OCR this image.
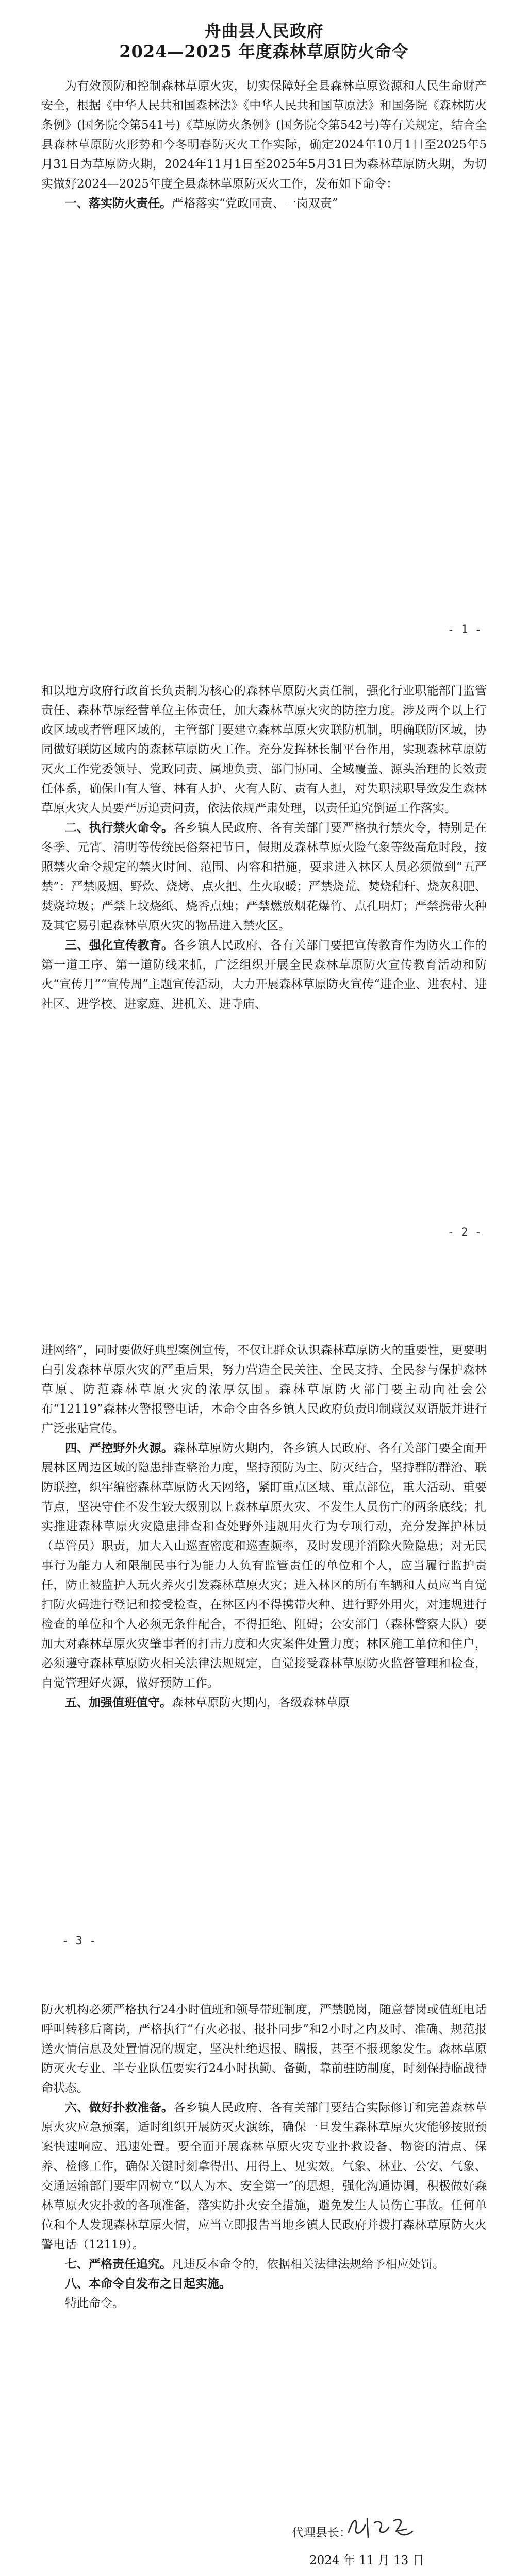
舟曲县人民政府
2024—2025 年度森林草原防火命令

为有效预防和控制森林草原火灾，切实保障好全县森林草原资源和人民生命财产安全，根据《中华人民共和国森林法》《中华人民共和国草原法》和国务院《森林防火条例》(国务院令第541号)《草原防火条例》(国务院令第542号)等有关规定，结合全县森林草原防火形势和今冬明春防灭火工作实际，确定2024年10月1日至2025年5月31日为草原防火期，2024年11月1日至2025年5月31日为森林草原防火期，为切实做好2024—2025年度全县森林草原防灭火工作，发布如下命令：

一、落实防火责任。严格落实“党政同责、一岗双责”

- 1 -

和以地方政府行政首长负责制为核心的森林草原防火责任制，强化行业职能部门监管责任、森林草原经营单位主体责任，加大森林草原火灾的防控力度。涉及两个以上行政区域或者管理区域的，主管部门要建立森林草原火灾联防机制，明确联防区域，协同做好联防区域内的森林草原防火工作。充分发挥林长制平台作用，实现森林草原防灭火工作党委领导、党政同责、属地负责、部门协同、全域覆盖、源头治理的长效责任体系，确保山有人管、林有人护、火有人防、责有人担，对失职渎职导致发生森林草原火灾人员要严厉追责问责，依法依规严肃处理，以责任追究倒逼工作落实。

二、执行禁火命令。各乡镇人民政府、各有关部门要严格执行禁火令，特别是在冬季、元宵、清明等传统民俗祭祀节日，假期及森林草原火险气象等级高危时段，按照禁火命令规定的禁火时间、范围、内容和措施，要求进入林区人员必须做到“五严禁”：严禁吸烟、野炊、烧烤、点火把、生火取暖；严禁烧荒、焚烧秸秆、烧灰积肥、焚烧垃圾；严禁上坟烧纸、烧香点烛；严禁燃放烟花爆竹、点孔明灯；严禁携带火种及其它易引起森林草原火灾的物品进入禁火区。

三、强化宣传教育。各乡镇人民政府、各有关部门要把宣传教育作为防火工作的第一道工序、第一道防线来抓，广泛组织开展全民森林草原防火宣传教育活动和防火“宣传月”“宣传周”主题宣传活动，大力开展森林草原防火宣传“进企业、进农村、进社区、进学校、进家庭、进机关、进寺庙、

- 2 -

进网络”，同时要做好典型案例宣传，不仅让群众认识森林草原防火的重要性，更要明白引发森林草原火灾的严重后果，努力营造全民关注、全民支持、全民参与保护森林草原、防范森林草原火灾的浓厚氛围。森林草原防火部门要主动向社会公布“12119”森林火警报警电话，本命令由各乡镇人民政府负责印制藏汉双语版并进行广泛张贴宣传。

四、严控野外火源。森林草原防火期内，各乡镇人民政府、各有关部门要全面开展林区周边区域的隐患排查整治力度，坚持预防为主、防灭结合，坚持群防群治、联防联控，织牢编密森林草原防火天网络，紧盯重点区域、重点部位，重大活动、重要节点，坚决守住不发生较大级别以上森林草原火灾、不发生人员伤亡的两条底线；扎实推进森林草原火灾隐患排查和查处野外违规用火行为专项行动，充分发挥护林员（草管员）职责，加大入山巡查密度和巡查频率，及时发现并消除火险隐患；对无民事行为能力人和限制民事行为能力人负有监管责任的单位和个人，应当履行监护责任，防止被监护人玩火养火引发森林草原火灾；进入林区的所有车辆和人员应当自觉扫防火码进行登记和接受检查，在林区内不得携带火种、进行野外用火，对违规进行检查的单位和个人必须无条件配合，不得拒绝、阻碍；公安部门（森林警察大队）要加大对森林草原火灾肇事者的打击力度和火灾案件处置力度；林区施工单位和住户，必须遵守森林草原防火相关法律法规规定，自觉接受森林草原防火监督管理和检查，自觉管理好火源，做好预防工作。

五、加强值班值守。森林草原防火期内，各级森林草原

- 3 -

防火机构必须严格执行24小时值班和领导带班制度，严禁脱岗，随意替岗或值班电话呼叫转移后离岗，严格执行“有火必报、报扑同步”和2小时之内及时、准确、规范报送火情信息及处置情况的规定，坚决杜绝迟报、瞒报，甚至不报现象发生。森林草原防灭火专业、半专业队伍要实行24小时执勤、备勤，靠前驻防制度，时刻保持临战待命状态。

六、做好扑救准备。各乡镇人民政府、各有关部门要结合实际修订和完善森林草原火灾应急预案，适时组织开展防灭火演练，确保一旦发生森林草原火灾能够按照预案快速响应、迅速处置。要全面开展森林草原火灾专业扑救设备、物资的清点、保养、检修工作，确保关键时刻拿得出、用得上、见实效。气象、林业、公安、气象、交通运输部门要牢固树立“以人为本、安全第一”的思想，强化沟通协调，积极做好森林草原火灾扑救的各项准备，落实防扑火安全措施，避免发生人员伤亡事故。任何单位和个人发现森林草原火情，应当立即报告当地乡镇人民政府并拨打森林草原防火火警电话（12119）。

七、严格责任追究。凡违反本命令的，依据相关法律法规给予相应处罚。

八、本命令自发布之日起实施。

特此命令。

代理县长：
2024 年 11 月 13 日
